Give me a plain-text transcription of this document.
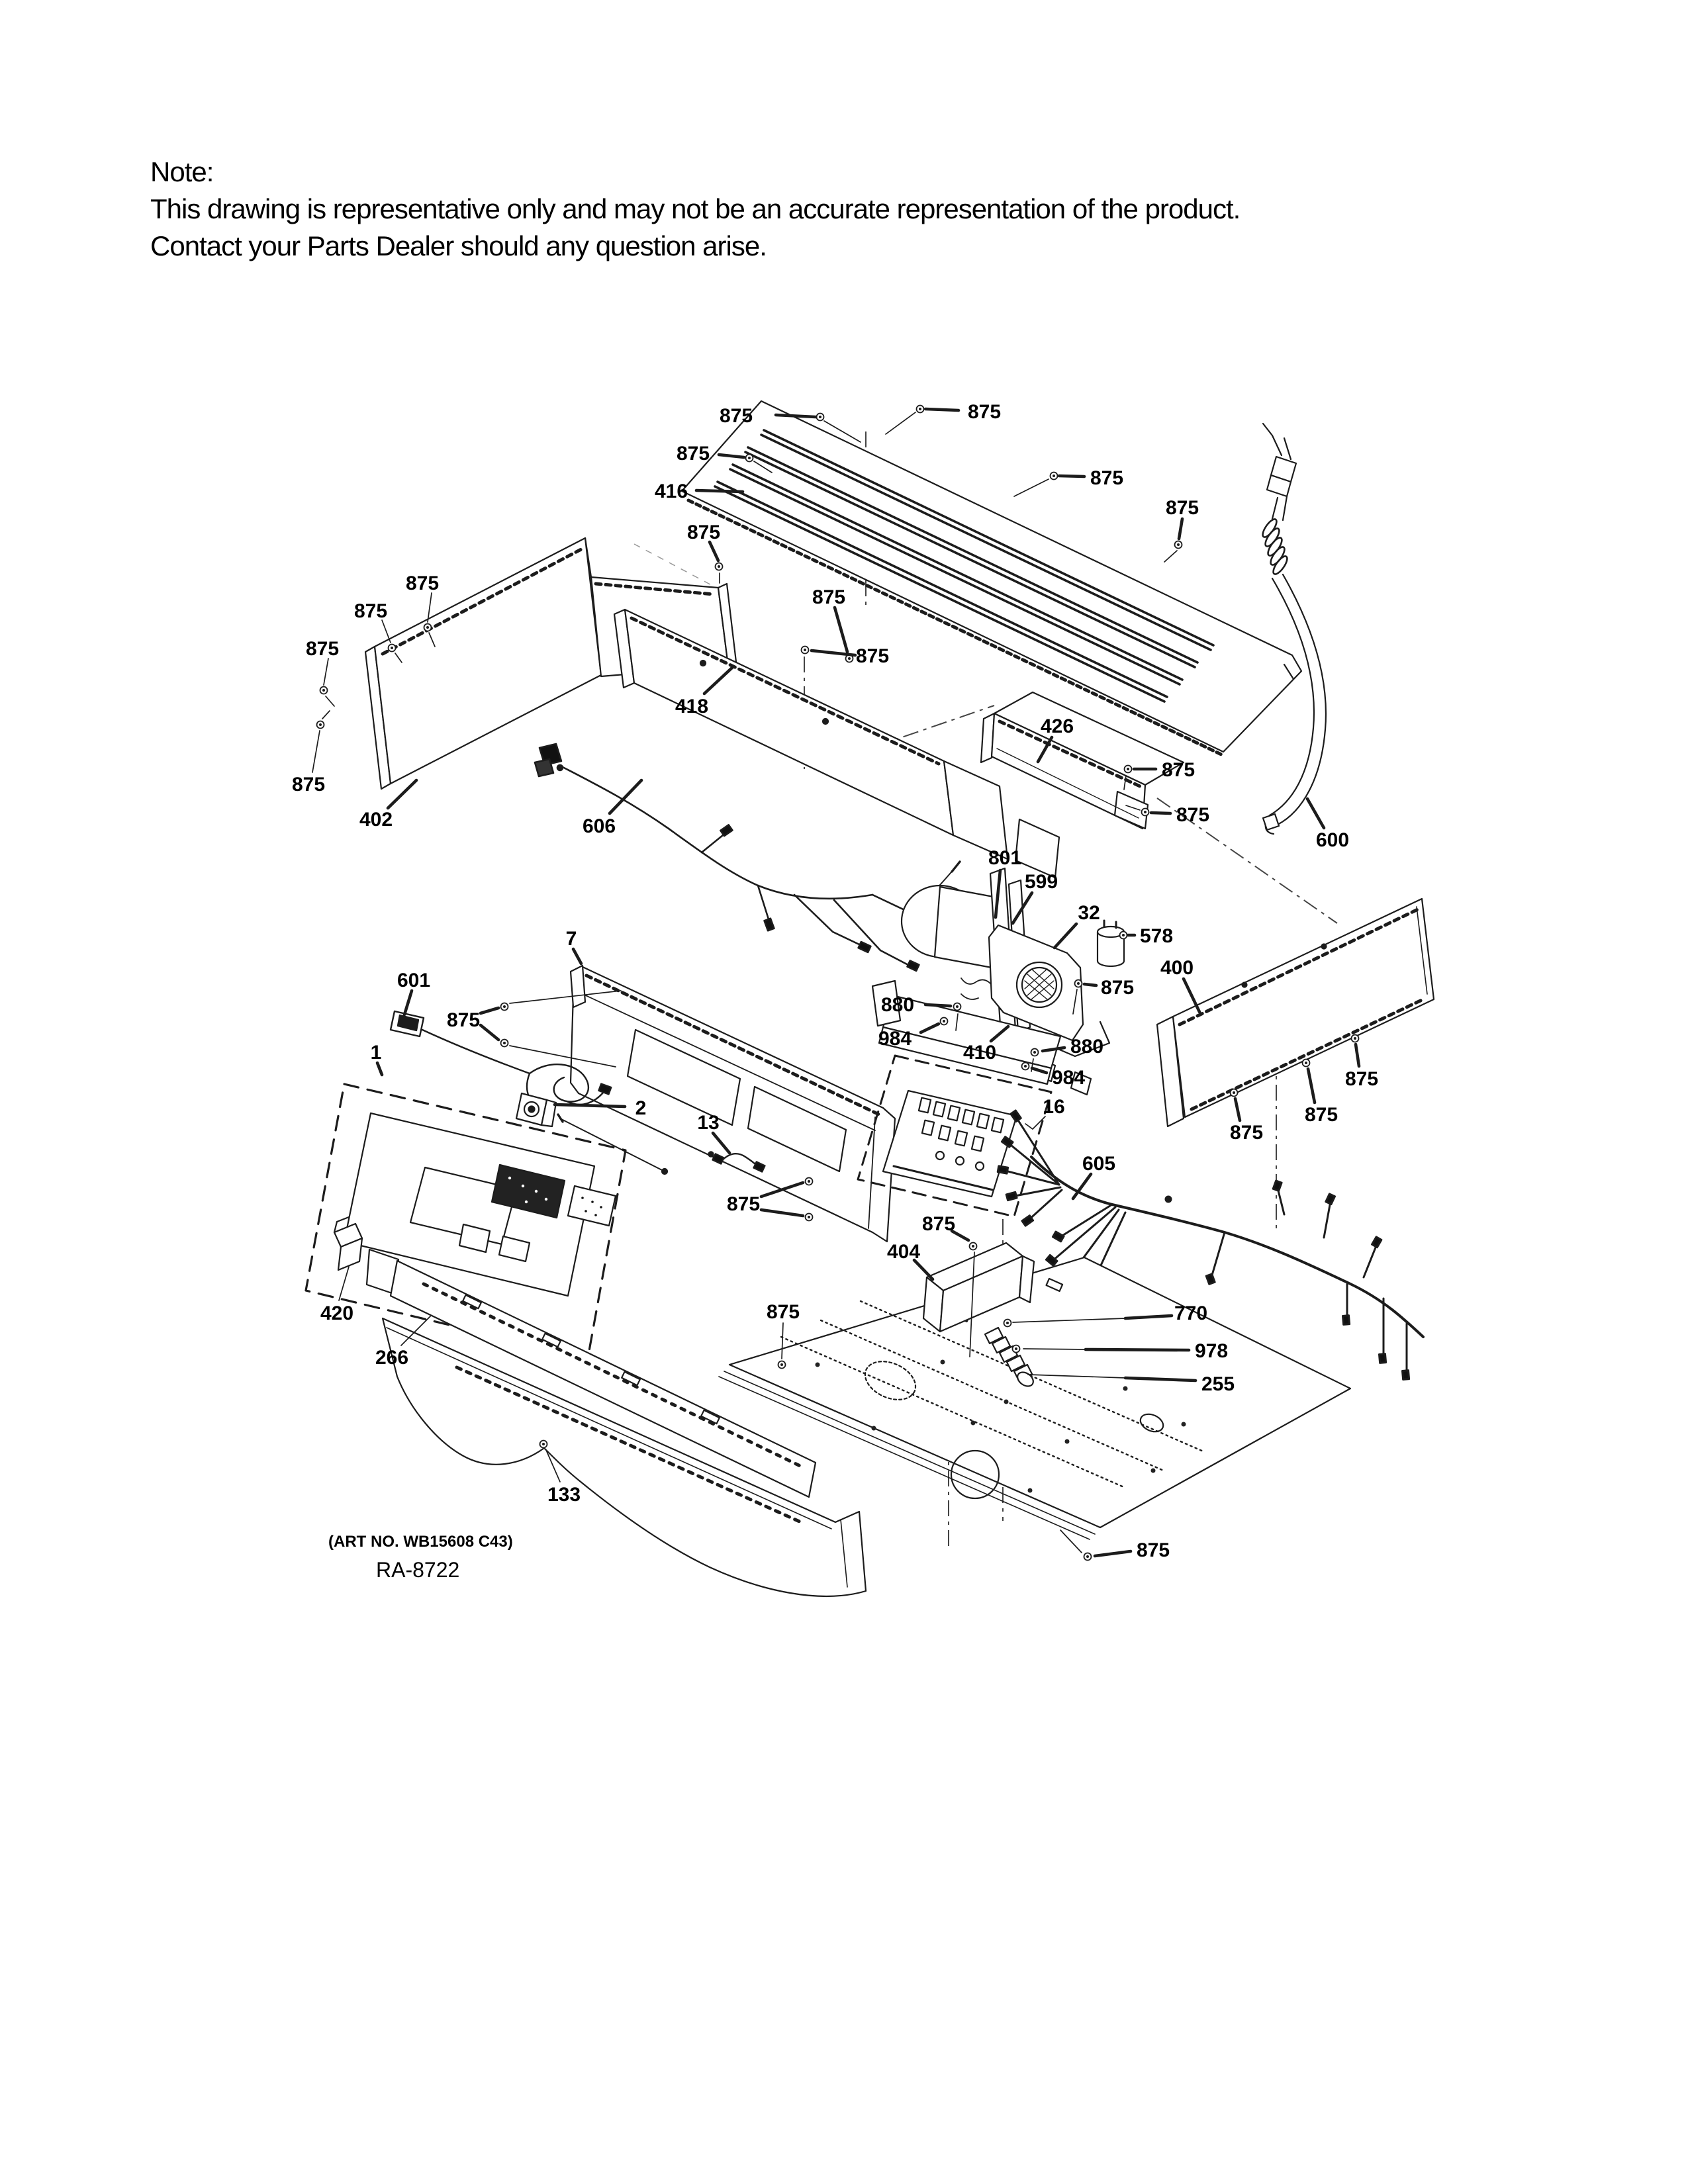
Note:
This drawing is representative only and may not be an accurate representation of the product.
Contact your Parts Dealer should any question arise.
875	875
875
416
875
875
875
875
875
875
402
875
418
875
875
606
426
875
875
600
801
599
32
578
400
875
880
984
410	880
984
16
605
875
875
1
601
7
2
13
420
266
133
404
875
875	770
978
255
875
875
875
875
(ART NO. WB15608 C43)
RA-8722
